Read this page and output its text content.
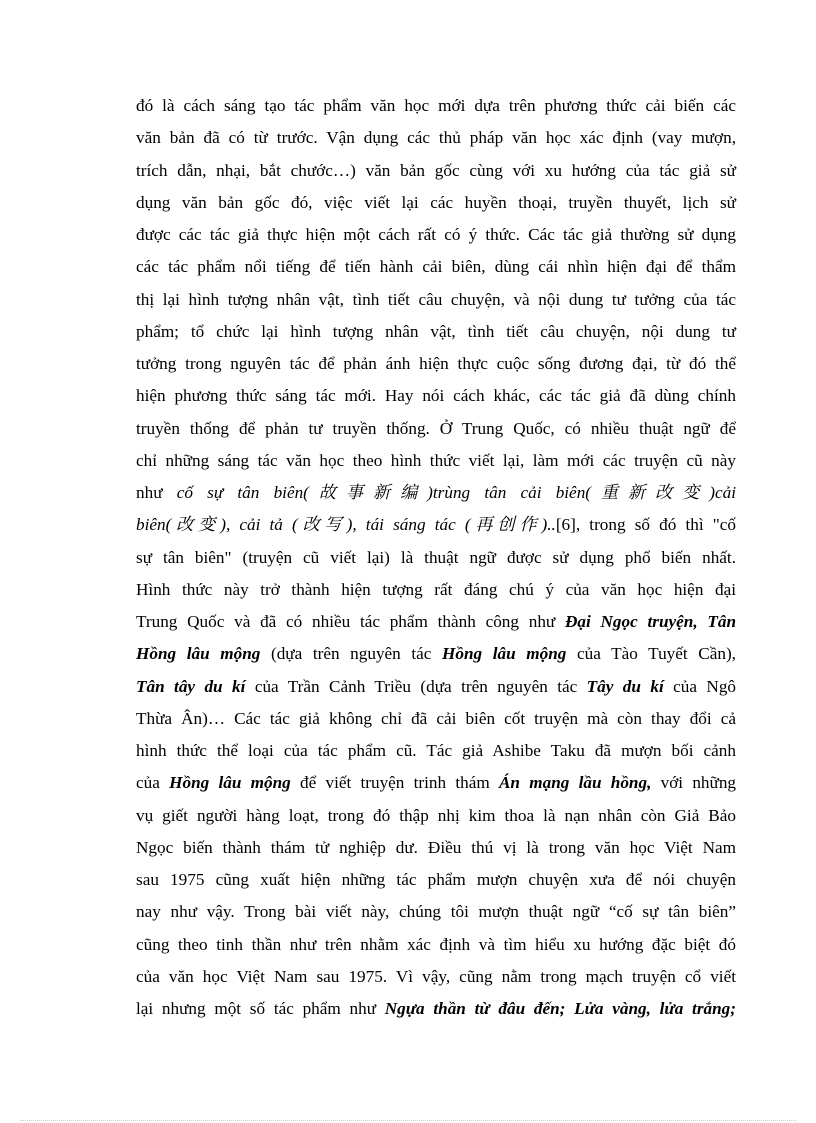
đó là cách sáng tạo tác phẩm văn học mới dựa trên phương thức cải biến các
văn bản đã có từ trước. Vận dụng các thủ pháp văn học xác định (vay mượn,
trích dẫn, nhại, bắt chước…) văn bản gốc cùng với xu hướng của tác giả sử
dụng văn bản gốc đó, việc viết lại các huyền thoại, truyền thuyết, lịch sử
được các tác giả thực hiện một cách rất có ý thức. Các tác giả thường sử dụng
các tác phẩm nổi tiếng để tiến hành cải biên, dùng cái nhìn hiện đại để thẩm
thị lại hình tượng nhân vật, tình tiết câu chuyện, và nội dung tư tưởng của tác
phẩm; tổ chức lại hình tượng nhân vật, tình tiết câu chuyện, nội dung tư
tưởng trong nguyên tác để phản ánh hiện thực cuộc sống đương đại, từ đó thể
hiện phương thức sáng tác mới. Hay nói cách khác, các tác giả đã dùng chính
truyền thống để phản tư truyền thống. Ở Trung Quốc, có nhiều thuật ngữ để
chỉ những sáng tác văn học theo hình thức viết lại, làm mới các truyện cũ này
như cố sự tân biên(故事新编)trùng tân cải biên(重新改变)cải
biên(改变), cải tả (改写), tái sáng tác (再创作)..[6], trong số đó thì "cố
sự tân biên" (truyện cũ viết lại) là thuật ngữ được sử dụng phổ biến nhất.
Hình thức này trở thành hiện tượng rất đáng chú ý của văn học hiện đại
Trung Quốc và đã có nhiều tác phẩm thành công như Đại Ngọc truyện, Tân
Hồng lâu mộng (dựa trên nguyên tác Hồng lâu mộng của Tào Tuyết Cần),
Tân tây du kí của Trần Cảnh Triều (dựa trên nguyên tác Tây du kí của Ngô
Thừa Ân)… Các tác giả không chỉ đã cải biên cốt truyện mà còn thay đổi cả
hình thức thể loại của tác phẩm cũ. Tác giả Ashibe Taku đã mượn bối cảnh
của Hồng lâu mộng để viết truyện trinh thám Án mạng lầu hồng, với những
vụ giết người hàng loạt, trong đó thập nhị kim thoa là nạn nhân còn Giả Bảo
Ngọc biến thành thám tử nghiệp dư. Điều thú vị là trong văn học Việt Nam
sau 1975 cũng xuất hiện những tác phẩm mượn chuyện xưa để nói chuyện
nay như vậy. Trong bài viết này, chúng tôi mượn thuật ngữ “cố sự tân biên”
cũng theo tinh thần như trên nhằm xác định và tìm hiểu xu hướng đặc biệt đó
của văn học Việt Nam sau 1975. Vì vậy, cũng nằm trong mạch truyện cổ viết
lại nhưng một số tác phẩm như Ngựa thần từ đâu đến; Lửa vàng, lửa trắng;
